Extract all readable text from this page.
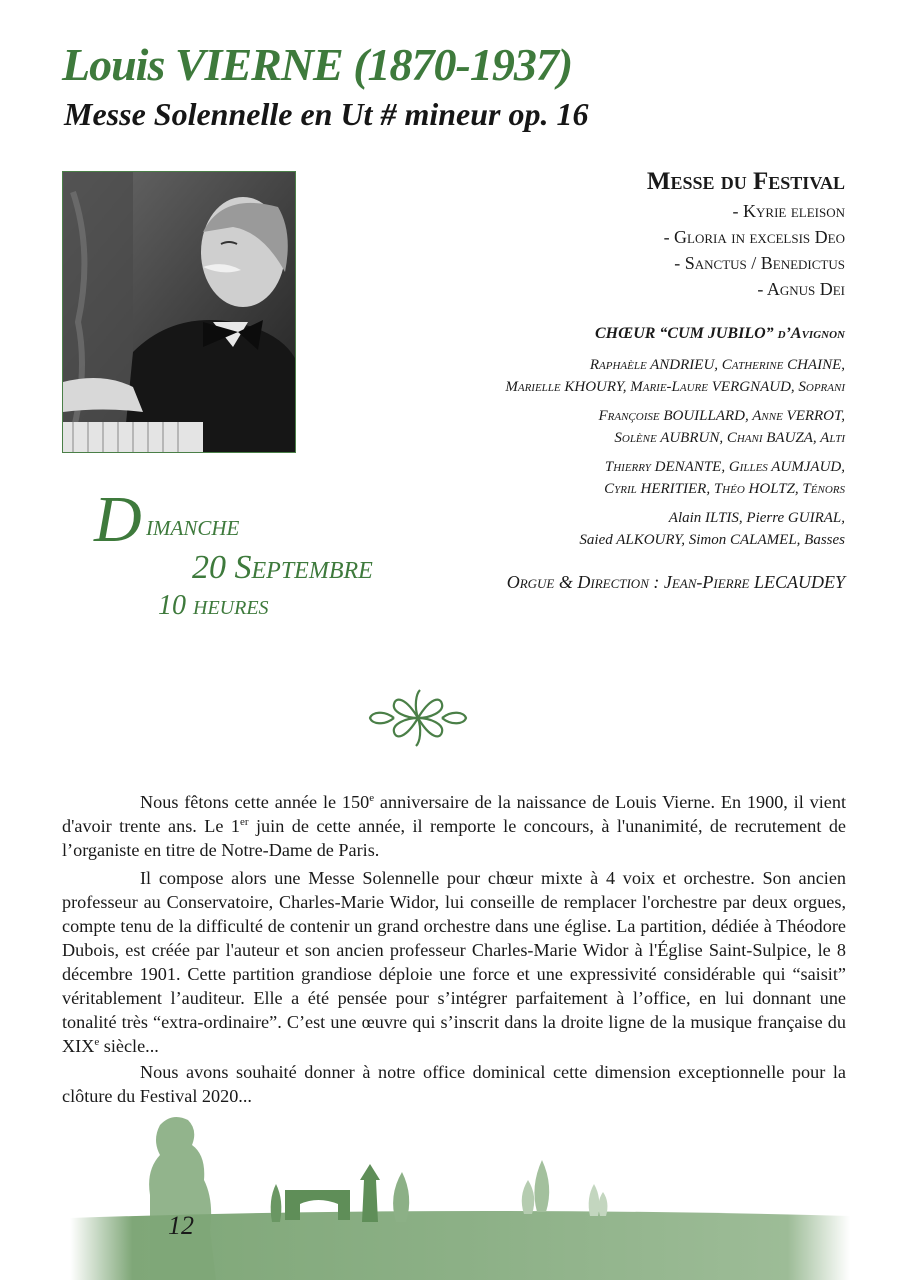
Louis VIERNE (1870-1937)
Messe Solennelle en Ut # mineur op. 16
Messe du Festival
- Kyrie eleison
- Gloria in excelsis Deo
- Sanctus / Benedictus
- Agnus Dei
CHŒUR “CUM JUBILO” d’Avignon
Raphaèle ANDRIEU, Catherine CHAINE,
Marielle KHOURY, Marie-Laure VERGNAUD, Soprani
Françoise BOUILLARD, Anne VERROT,
Solène AUBRUN, Chani BAUZA, Alti
Thierry DENANTE, Gilles AUMJAUD,
Cyril HERITIER, Théo HOLTZ, Ténors
Alain ILTIS, Pierre GUIRAL,
Saied ALKOURY, Simon CALAMEL, Basses
Orgue & Direction : Jean-Pierre LECAUDEY
D imanche
20 Septembre
10 heures
Nous fêtons cette année le 150e anniversaire de la naissance de Louis Vierne. En 1900, il vient d'avoir trente ans. Le 1er juin de cette année, il remporte le concours, à l'unanimité, de recrutement de l’organiste en titre de Notre-Dame de Paris.
Il compose alors une Messe Solennelle pour chœur mixte à 4 voix et orchestre. Son ancien professeur au Conservatoire, Charles-Marie Widor, lui conseille de remplacer l'orchestre par deux orgues, compte tenu de la difficulté de contenir un grand orchestre dans une église. La partition, dédiée à Théodore Dubois, est créée par l'auteur et son ancien professeur Charles-Marie Widor à l'Église Saint-Sulpice, le 8 décembre 1901. Cette partition grandiose déploie une force et une expressivité considérable qui “saisit” véritablement l’auditeur. Elle a été pensée pour s’intégrer parfaitement à l’office, en lui donnant une tonalité très “extra-ordinaire”. C’est une œuvre qui s’inscrit dans la droite ligne de la musique française du XIXe siècle...
Nous avons souhaité donner à notre office dominical cette dimension exceptionnelle pour la clôture du Festival 2020...
12
